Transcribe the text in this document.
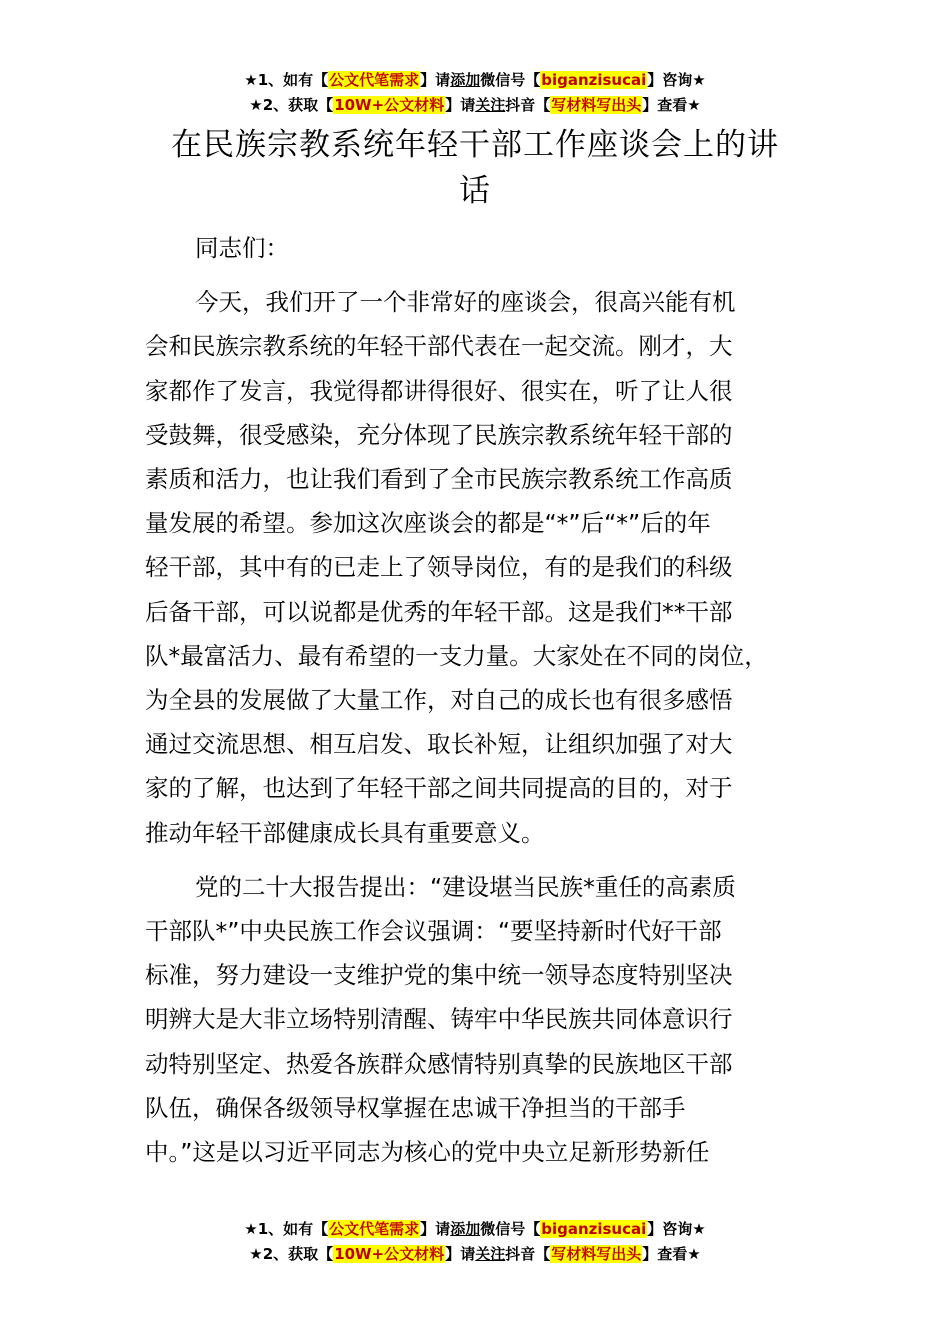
★1、如有【公文代笔需求】请添加微信号【biganzisucai】咨询★
★2、获取【10W+公文材料】请关注抖音【写材料写出头】查看★
在民族宗教系统年轻干部工作座谈会上的讲
话
同志们：
今天，我们开了一个非常好的座谈会，很高兴能有机
会和民族宗教系统的年轻干部代表在一起交流。刚才，大
家都作了发言，我觉得都讲得很好、很实在，听了让人很
受鼓舞，很受感染，充分体现了民族宗教系统年轻干部的
素质和活力，也让我们看到了全市民族宗教系统工作高质
量发展的希望。参加这次座谈会的都是“*”后“*”后的年
轻干部，其中有的已走上了领导岗位，有的是我们的科级
后备干部，可以说都是优秀的年轻干部。这是我们**干部
队*最富活力、最有希望的一支力量。大家处在不同的岗位，
为全县的发展做了大量工作，对自己的成长也有很多感悟
通过交流思想、相互启发、取长补短，让组织加强了对大
家的了解，也达到了年轻干部之间共同提高的目的，对于
推动年轻干部健康成长具有重要意义。
党的二十大报告提出：“建设堪当民族*重任的高素质
干部队*”中央民族工作会议强调：“要坚持新时代好干部
标准，努力建设一支维护党的集中统一领导态度特别坚决
明辨大是大非立场特别清醒、铸牢中华民族共同体意识行
动特别坚定、热爱各族群众感情特别真挚的民族地区干部
队伍，确保各级领导权掌握在忠诚干净担当的干部手
中。”这是以习近平同志为核心的党中央立足新形势新任
★1、如有【公文代笔需求】请添加微信号【biganzisucai】咨询★
★2、获取【10W+公文材料】请关注抖音【写材料写出头】查看★
